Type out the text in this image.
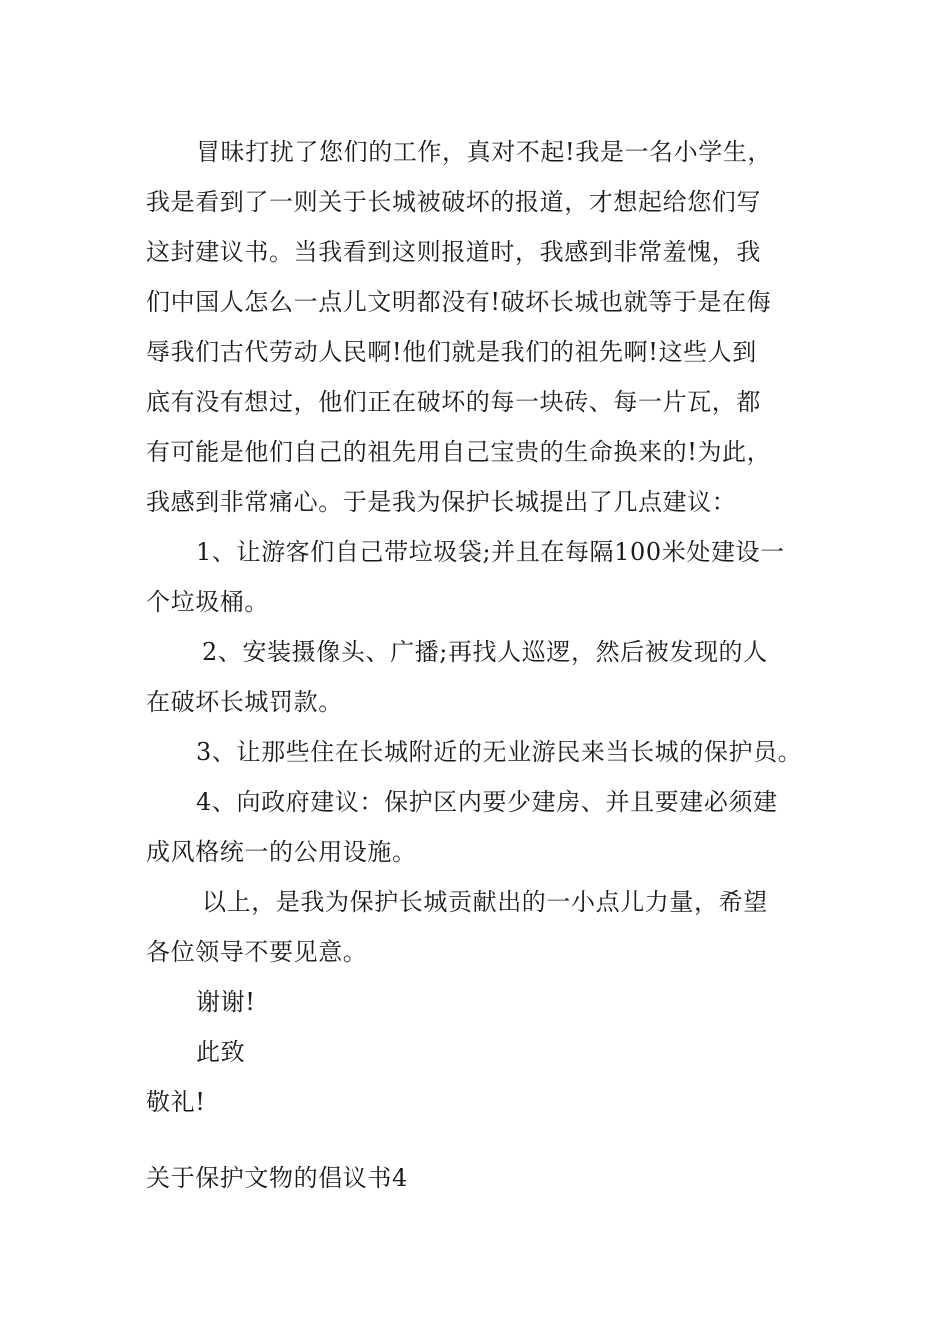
冒昧打扰了您们的工作，真对不起!我是一名小学生，
我是看到了一则关于长城被破坏的报道，才想起给您们写
这封建议书。当我看到这则报道时，我感到非常羞愧，我
们中国人怎么一点儿文明都没有!破坏长城也就等于是在侮
辱我们古代劳动人民啊!他们就是我们的祖先啊!这些人到
底有没有想过，他们正在破坏的每一块砖、每一片瓦，都
有可能是他们自己的祖先用自己宝贵的生命换来的!为此，
我感到非常痛心。于是我为保护长城提出了几点建议：
1、让游客们自己带垃圾袋;并且在每隔100米处建设一
个垃圾桶。
2、安装摄像头、广播;再找人巡逻，然后被发现的人
在破坏长城罚款。
3、让那些住在长城附近的无业游民来当长城的保护员。
4、向政府建议：保护区内要少建房、并且要建必须建
成风格统一的公用设施。
以上，是我为保护长城贡献出的一小点儿力量，希望
各位领导不要见意。
谢谢!
此致
敬礼!
关于保护文物的倡议书4
